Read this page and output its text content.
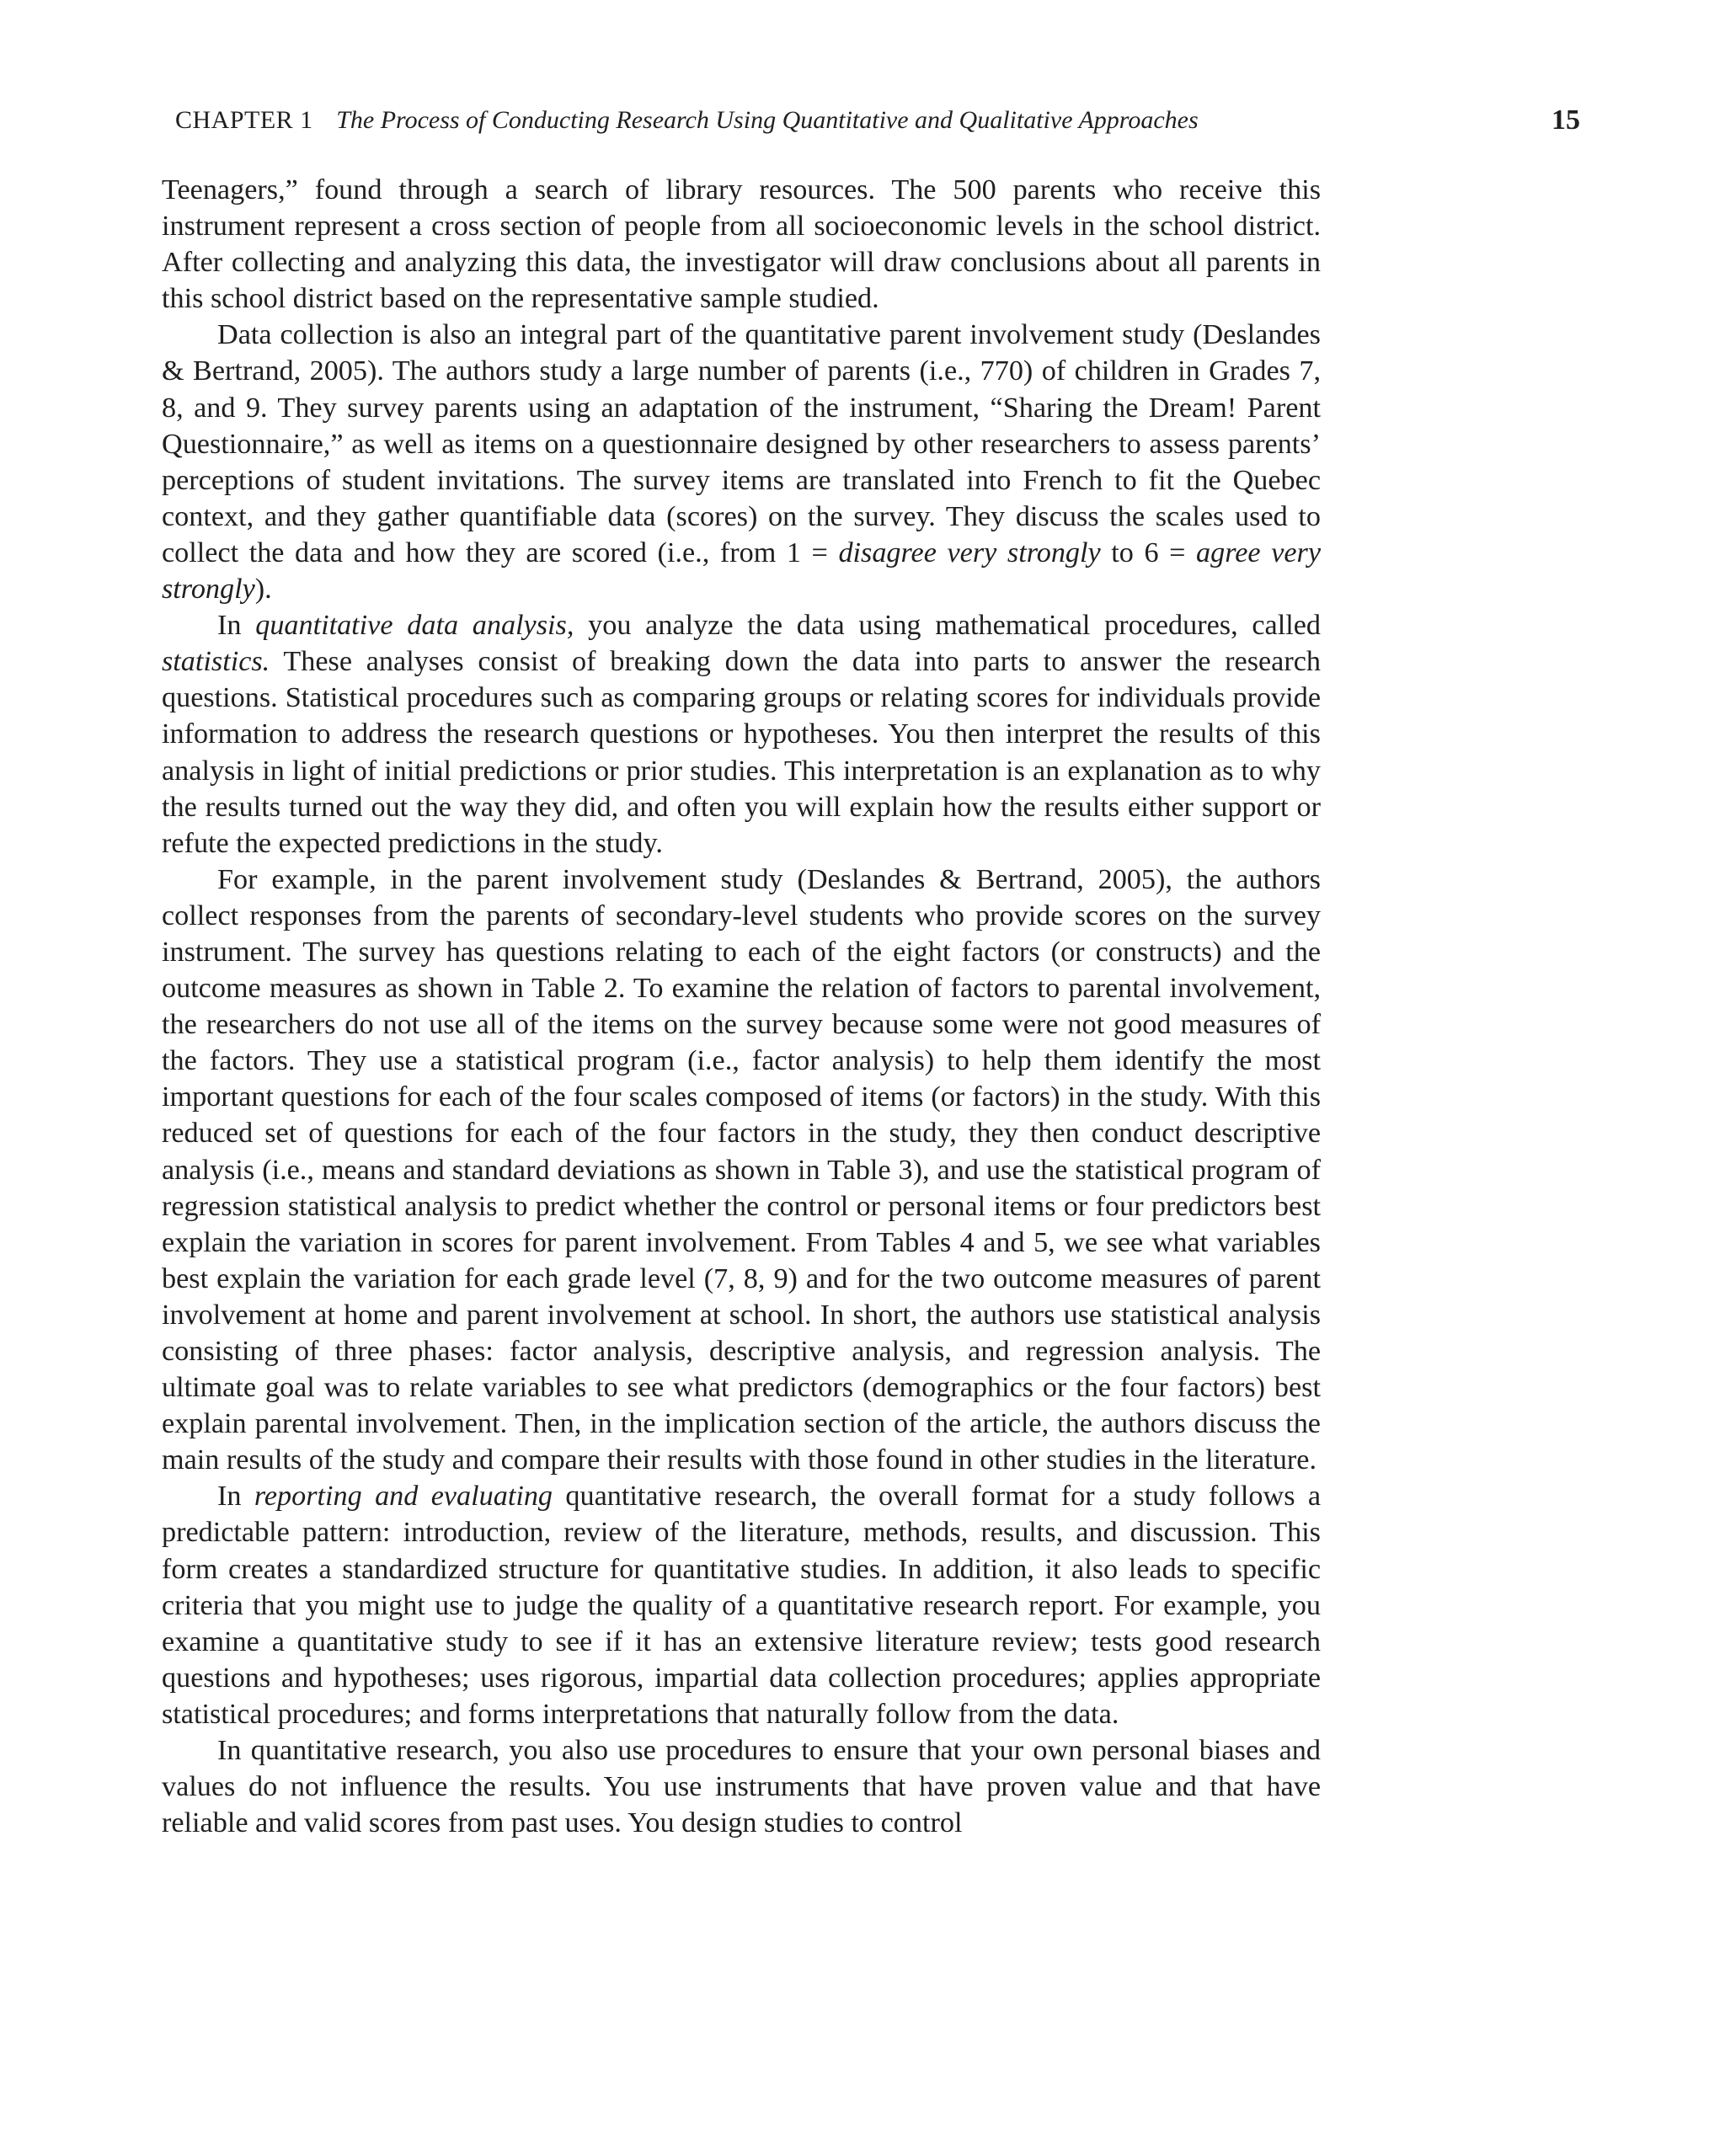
CHAPTER 1 The Process of Conducting Research Using Quantitative and Qualitative Approaches	15

Teenagers,” found through a search of library resources. The 500 parents who receive this instrument represent a cross section of people from all socioeconomic levels in the school district. After collecting and analyzing this data, the investigator will draw conclusions about all parents in this school district based on the representative sample studied.

Data collection is also an integral part of the quantitative parent involvement study (Deslandes & Bertrand, 2005). The authors study a large number of parents (i.e., 770) of children in Grades 7, 8, and 9. They survey parents using an adaptation of the instrument, “Sharing the Dream! Parent Questionnaire,” as well as items on a questionnaire designed by other researchers to assess parents’ perceptions of student invitations. The survey items are translated into French to fit the Quebec context, and they gather quantifiable data (scores) on the survey. They discuss the scales used to collect the data and how they are scored (i.e., from 1 = disagree very strongly to 6 = agree very strongly).

In quantitative data analysis, you analyze the data using mathematical procedures, called statistics. These analyses consist of breaking down the data into parts to answer the research questions. Statistical procedures such as comparing groups or relating scores for individuals provide information to address the research questions or hypotheses. You then interpret the results of this analysis in light of initial predictions or prior studies. This interpretation is an explanation as to why the results turned out the way they did, and often you will explain how the results either support or refute the expected predictions in the study.

For example, in the parent involvement study (Deslandes & Bertrand, 2005), the authors collect responses from the parents of secondary-level students who provide scores on the survey instrument. The survey has questions relating to each of the eight factors (or constructs) and the outcome measures as shown in Table 2. To examine the relation of factors to parental involvement, the researchers do not use all of the items on the survey because some were not good measures of the factors. They use a statistical program (i.e., factor analysis) to help them identify the most important questions for each of the four scales composed of items (or factors) in the study. With this reduced set of questions for each of the four factors in the study, they then conduct descriptive analysis (i.e., means and standard deviations as shown in Table 3), and use the statistical program of regression statistical analysis to predict whether the control or personal items or four predictors best explain the variation in scores for parent involvement. From Tables 4 and 5, we see what variables best explain the variation for each grade level (7, 8, 9) and for the two outcome measures of parent involvement at home and parent involvement at school. In short, the authors use statistical analysis consisting of three phases: factor analysis, descriptive analysis, and regression analysis. The ultimate goal was to relate variables to see what predictors (demographics or the four factors) best explain parental involvement. Then, in the implication section of the article, the authors discuss the main results of the study and compare their results with those found in other studies in the literature.

In reporting and evaluating quantitative research, the overall format for a study follows a predictable pattern: introduction, review of the literature, methods, results, and discussion. This form creates a standardized structure for quantitative studies. In addition, it also leads to specific criteria that you might use to judge the quality of a quantitative research report. For example, you examine a quantitative study to see if it has an extensive literature review; tests good research questions and hypotheses; uses rigorous, impartial data collection procedures; applies appropriate statistical procedures; and forms interpretations that naturally follow from the data.

In quantitative research, you also use procedures to ensure that your own personal biases and values do not influence the results. You use instruments that have proven value and that have reliable and valid scores from past uses. You design studies to control
